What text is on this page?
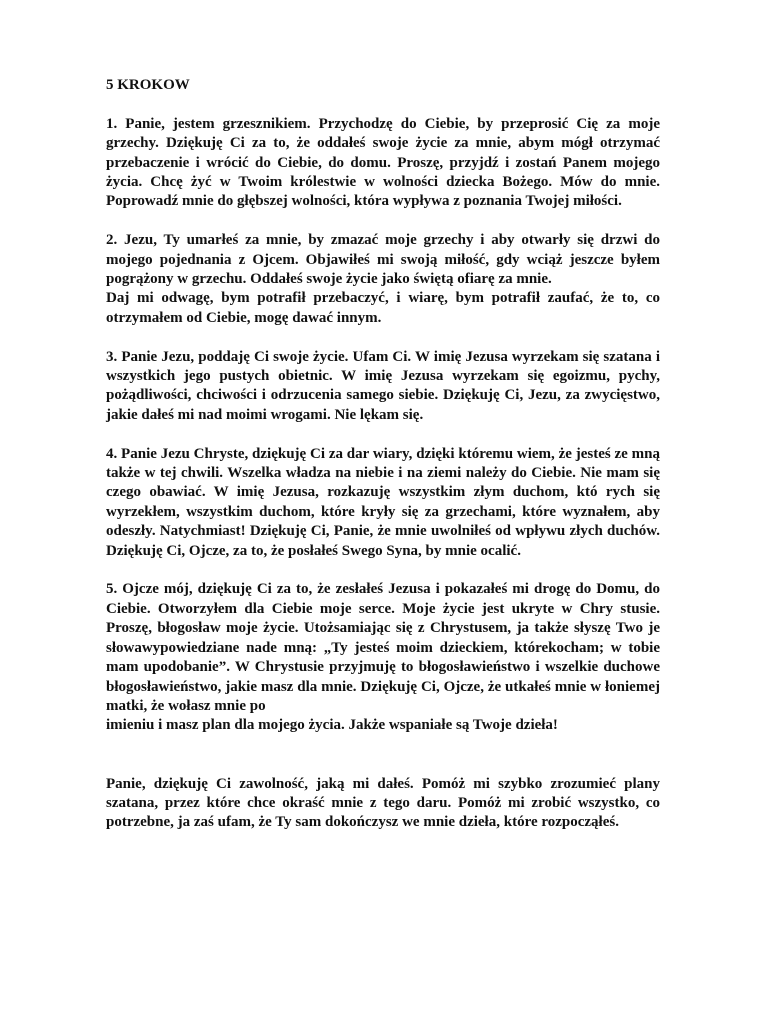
5 KROKOW
1. Panie, jestem grzesznikiem. Przychodzę do Ciebie, by przeprosić Cię za moje grzechy. Dziękuję Ci za to, że oddałeś swoje życie za mnie, abym mógł otrzymać przebaczenie i wrócić do Ciebie, do domu. Proszę, przyjdź i zostań Panem mojego życia. Chcę żyć w Twoim królestwie w wolności dziecka Bożego. Mów do mnie. Poprowadź mnie do głębszej wolności, która wypływa z poznania Twojej miłości.
2. Jezu, Ty umarłeś za mnie, by zmazać moje grzechy i aby otwarły się drzwi do mojego pojednania z Ojcem. Objawiłeś mi swoją miłość, gdy wciąż jeszcze byłem pogrążony w grzechu. Oddałeś swoje życie jako świętą ofiarę za mnie.
Daj mi odwagę, bym potrafił przebaczyć, i wiarę, bym potrafił zaufać, że to, co otrzymałem od Ciebie, mogę dawać innym.
3. Panie Jezu, poddaję Ci swoje życie. Ufam Ci. W imię Jezusa wyrzekam się szatana i wszystkich jego pustych obietnic. W imię Jezusa wyrzekam się egoizmu, pychy, pożądliwości, chciwości i odrzucenia samego siebie. Dziękuję Ci, Jezu, za zwycięstwo, jakie dałeś mi nad moimi wrogami. Nie lękam się.
4. Panie Jezu Chryste, dziękuję Ci za dar wiary, dzięki któremu wiem, że jesteś ze mną także w tej chwili. Wszelka władza na niebie i na ziemi należy do Ciebie. Nie mam się czego obawiać. W imię Jezusa, rozkazuję wszystkim złym duchom, któ rych się wyrzekłem, wszystkim duchom, które kryły się za grzechami, które wyznałem, aby odeszły. Natychmiast! Dziękuję Ci, Panie, że mnie uwolniłeś od wpływu złych duchów. Dziękuję Ci, Ojcze, za to, że posłałeś Swego Syna, by mnie ocalić.
5. Ojcze mój, dziękuję Ci za to, że zesłałeś Jezusa i pokazałeś mi drogę do Domu, do Ciebie. Otworzyłem dla Ciebie moje serce. Moje życie jest ukryte w Chry stusie. Proszę, błogosław moje życie. Utożsamiając się z Chrystusem, ja także słyszę Two je słowawypowiedziane nade mną: „Ty jesteś moim dzieckiem, którekocham; w tobie mam upodobanie”. W Chrystusie przyjmuję to błogosławieństwo i wszelkie duchowe błogosławieństwo, jakie masz dla mnie. Dziękuję Ci, Ojcze, że utkałeś mnie w łoniemej matki, że wołasz mnie po
imieniu i masz plan dla mojego życia. Jakże wspaniałe są Twoje dzieła!
Panie, dziękuję Ci zawolność, jaką mi dałeś. Pomóż mi szybko zrozumieć plany szatana, przez które chce okraść mnie z tego daru. Pomóż mi zrobić wszystko, co potrzebne, ja zaś ufam, że Ty sam dokończysz we mnie dzieła, które rozpocząłeś.
